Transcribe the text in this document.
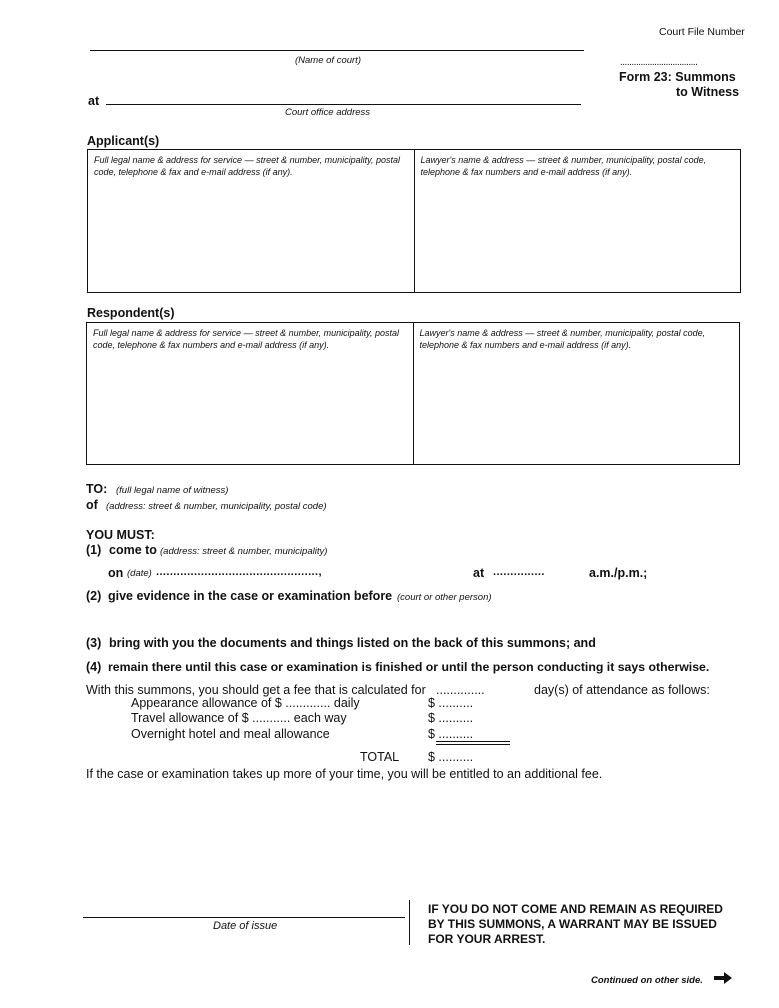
Court File Number
..................................
Form 23: Summons
to Witness
(Name of court)
at
Court office address
Applicant(s)
Full legal name & address for service — street & number, municipality, postal code, telephone & fax and e-mail address (if any).
Lawyer's name & address — street & number, municipality, postal code, telephone & fax numbers and e-mail address (if any).
Respondent(s)
Full legal name & address for service — street & number, municipality, postal code, telephone & fax numbers and e-mail address (if any).
Lawyer's name & address — street & number, municipality, postal code, telephone & fax numbers and e-mail address (if any).
TO: (full legal name of witness)
of (address: street & number, municipality, postal code)
YOU MUST:
(1) come to (address: street & number, municipality)
on (date) ...............................................,	at ...............	a.m./p.m.;
(2) give evidence in the case or examination before (court or other person)
(3) bring with you the documents and things listed on the back of this summons; and
(4) remain there until this case or examination is finished or until the person conducting it says otherwise.
With this summons, you should get a fee that is calculated for ..............	day(s) of attendance as follows:
Appearance allowance of $ ............. daily	$ ..........
Travel allowance of $ ........... each way	$ ..........
Overnight hotel and meal allowance	$ ..........
TOTAL $ ..........
If the case or examination takes up more of your time, you will be entitled to an additional fee.
Date of issue
IF YOU DO NOT COME AND REMAIN AS REQUIRED
BY THIS SUMMONS, A WARRANT MAY BE ISSUED
FOR YOUR ARREST.
Continued on other side.
